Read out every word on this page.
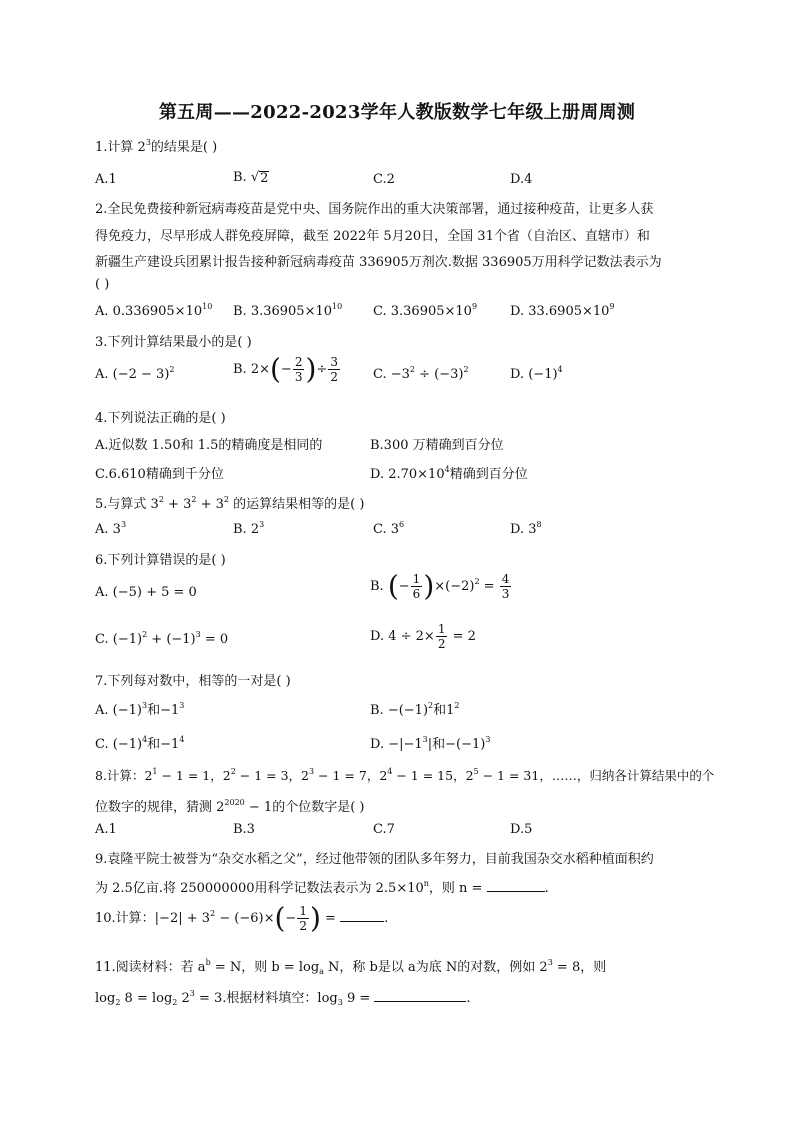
第五周——2022-2023学年人教版数学七年级上册周周测
1.计算 $2^3$的结果是( )
A.1	B. √ 2	C.2	D.4
2.全民免费接种新冠病毒疫苗是党中央、国务院作出的重大决策部署，通过接种疫苗，让更多人获
得免疫力，尽早形成人群免疫屏障，截至 2022年 5月20日，全国 31个省（自治区、直辖市）和
新疆生产建设兵团累计报告接种新冠病毒疫苗 336905万剂次.数据 336905万用科学记数法表示为
( )
A. $0.336905\times 10^{10}$ B. $3.36905\times 10^{10}$ C. $3.36905\times 10^9$	D. $33.6905\times 10^9$
3.下列计算结果最小的是( )
A. $(-2 - 3)^2$	B. $2\times(- \frac{2}{3}$ )÷ $\frac{3}{2}$	C. $-3^2 \div (-3)^2$	D. $(-1)^4$
4.下列说法正确的是( )
A.近似数 1.50和 1.5的精确度是相同的	B.300 万精确到百分位
C.6.610精确到千分位	D. $2.70\times 10^4$精确到百分位
5.与算式 $3^2 + 3^2 + 3^2$ 的运算结果相等的是( )
A. $3^3$	B. $2^3$	C. $3^6$	D. $3^8$
6.下列计算错误的是( )
A. (−5) + 5 = 0	B. (− $\frac{1}{6} )\times(-2)^2 = \frac{4}{3}$
C. $(-1)^2 + (-1)^3 = 0$	D. $4 \div 2\times \frac{1}{2} = 2$
7.下列每对数中，相等的一对是( )
A. $(-1)^3$和$-1^3$	B. $-(-1)^2$和$1^2$
C. $(-1)^4$和$-1^4$	D. $-|-1^3|$和$-(-1)^3$
8.计算：$2^1 - 1 = 1$，$2^2 - 1 = 3$，$2^3 - 1 = 7$，$2^4 - 1 = 15$，$2^5 - 1 = 31$，……，归纳各计算结果中的个
位数字的规律，猜测 $2^{2020} - 1$的个位数字是( )
A.1	B.3	C.7	D.5
9.袁隆平院士被誉为“杂交水稻之父”，经过他带领的团队多年努力，目前我国杂交水稻种植面积约
为 2.5亿亩.将 250000000用科学记数法表示为 $2.5\times 10^n$，则 n =	.
10.计算：$|-2| + 3^2 - (-6)\times(- \frac{1}{2}$ ) =	.
11.阅读材料：若 $a^b = N$，则 $b = \log_a N$，称 b是以 a为底 N的对数，例如 $2^3 = 8$，则
$\log_2 8 = \log_2 2^3 = 3$.根据材料填空：$\log_3 9$ =	.
